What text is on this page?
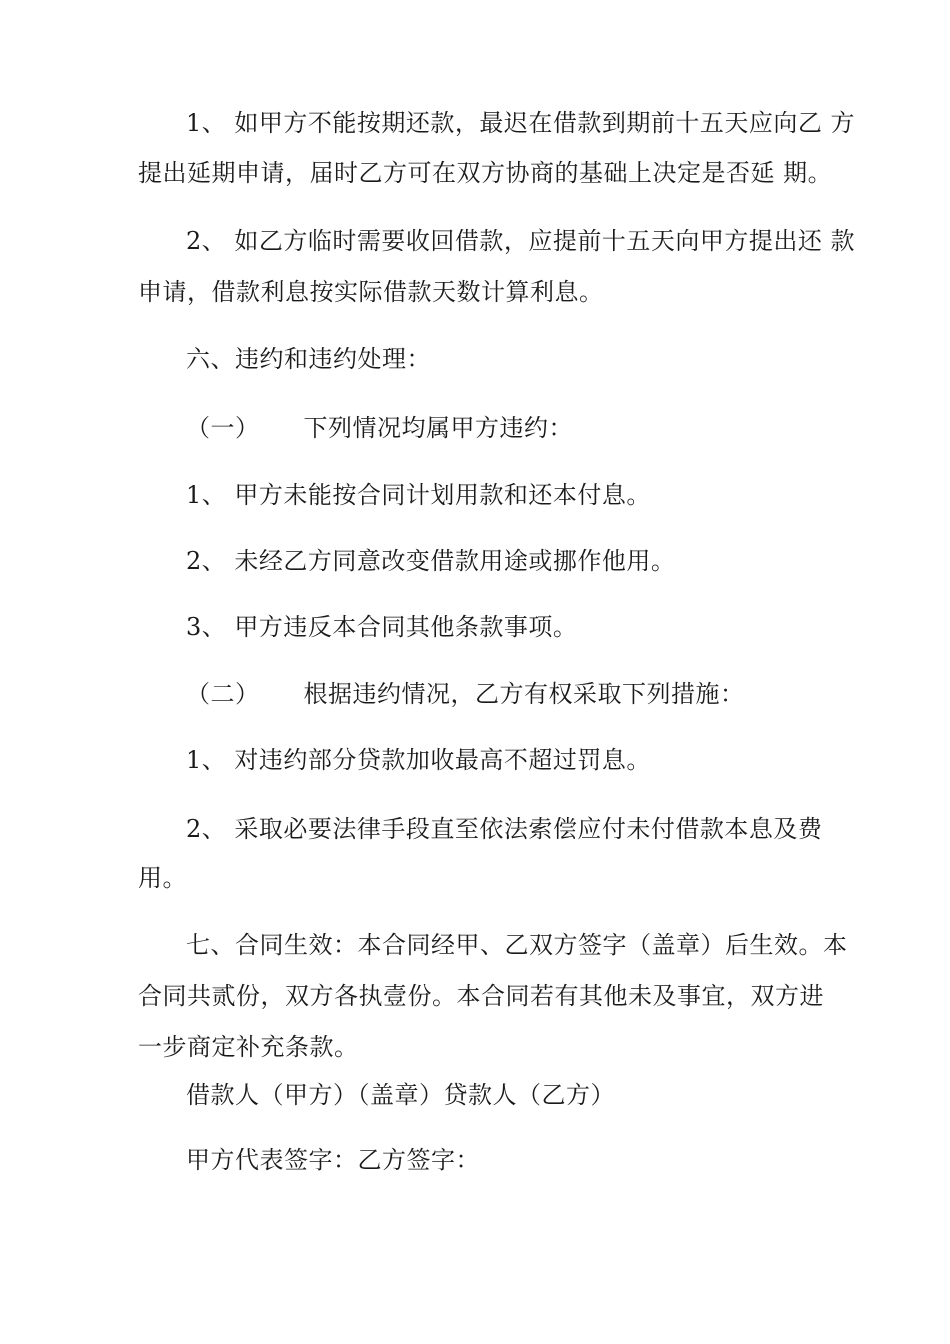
1、 如甲方不能按期还款，最迟在借款到期前十五天应向乙 方
提出延期申请，届时乙方可在双方协商的基础上决定是否延 期。
2、 如乙方临时需要收回借款，应提前十五天向甲方提出还 款
申请，借款利息按实际借款天数计算利息。
六、违约和违约处理：
（一） 下列情况均属甲方违约：
1、 甲方未能按合同计划用款和还本付息。
2、 未经乙方同意改变借款用途或挪作他用。
3、 甲方违反本合同其他条款事项。
（二） 根据违约情况，乙方有权采取下列措施：
1、 对违约部分贷款加收最高不超过罚息。
2、 采取必要法律手段直至依法索偿应付未付借款本息及费
用。
七、合同生效：本合同经甲、乙双方签字（盖章）后生效。本
合同共贰份，双方各执壹份。本合同若有其他未及事宜，双方进
一步商定补充条款。
借款人（甲方）（盖章）贷款人（乙方）
甲方代表签字：乙方签字：
